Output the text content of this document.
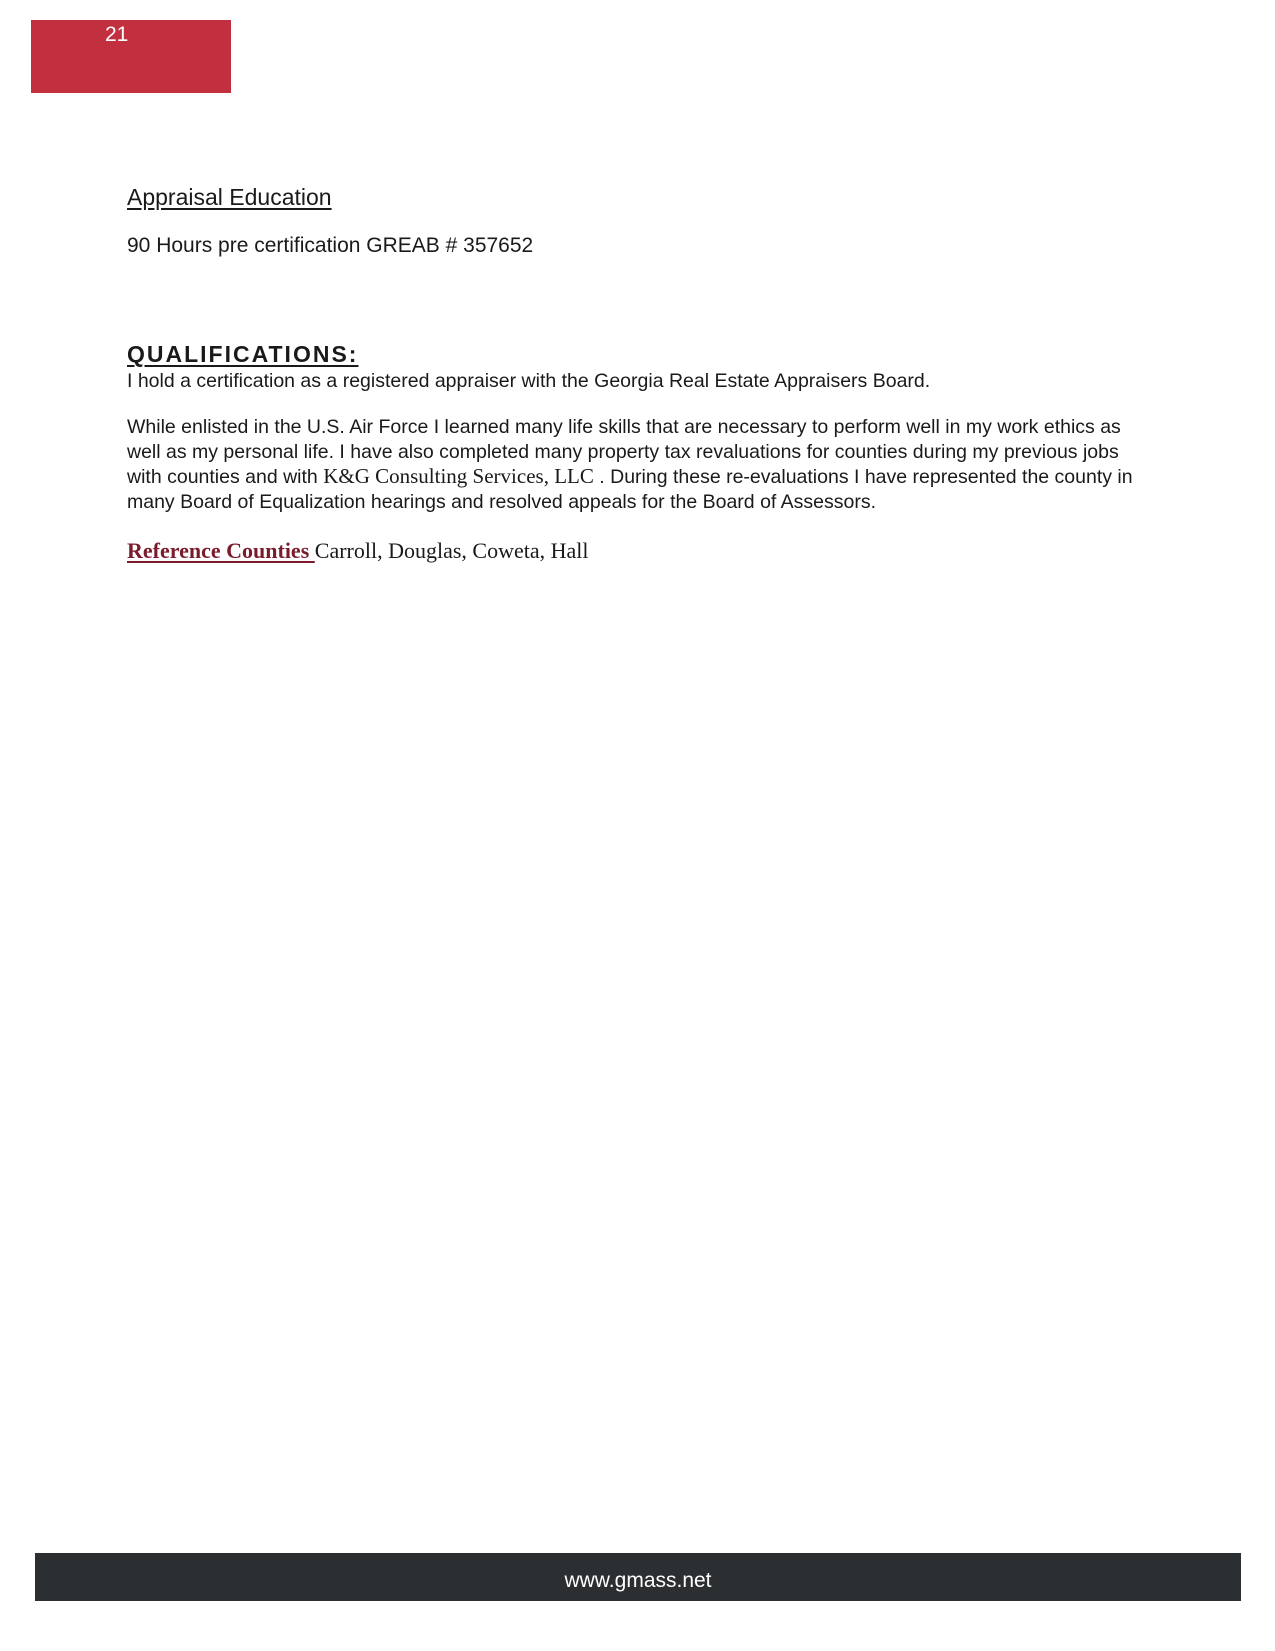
21
Appraisal Education

90 Hours pre certification GREAB # 357652

QUALIFICATIONS:

I hold a certification as a registered appraiser with the Georgia Real Estate Appraisers Board.

While enlisted in the U.S. Air Force I learned many life skills that are necessary to perform well in my work ethics as well as my personal life. I have also completed many property tax revaluations for counties during my previous jobs with counties and with K&G Consulting Services, LLC . During these re-evaluations I have represented the county in many Board of Equalization hearings and resolved appeals for the Board of Assessors.

Reference Counties Carroll, Douglas, Coweta, Hall

www.gmass.net
